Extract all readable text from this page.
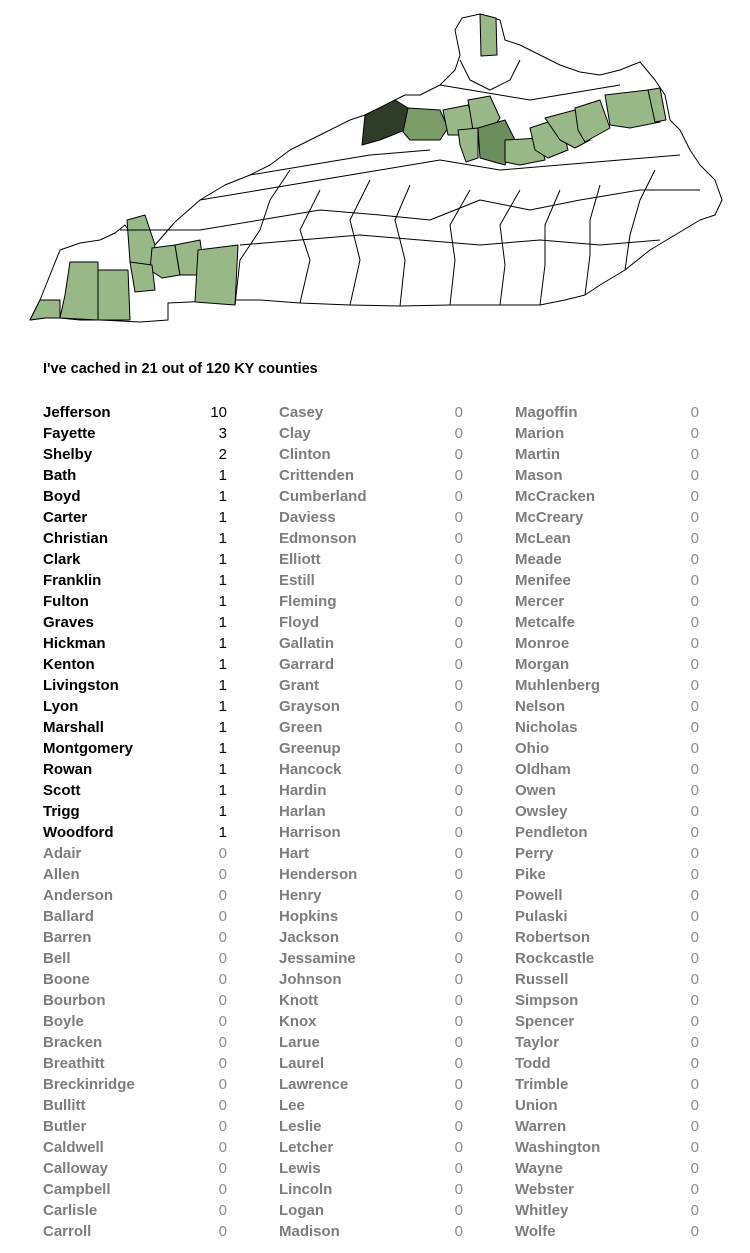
I've cached in 21 out of 120 KY counties
Jefferson	10
Fayette	3
Shelby	2
Bath	1
Boyd	1
Carter	1
Christian	1
Clark	1
Franklin	1
Fulton	1
Graves	1
Hickman	1
Kenton	1
Livingston	1
Lyon	1
Marshall	1
Montgomery	1
Rowan	1
Scott	1
Trigg	1
Woodford	1
Adair	0
Allen	0
Anderson	0
Ballard	0
Barren	0
Bell	0
Boone	0
Bourbon	0
Boyle	0
Bracken	0
Breathitt	0
Breckinridge	0
Bullitt	0
Butler	0
Caldwell	0
Calloway	0
Campbell	0
Carlisle	0
Carroll	0
Casey	0
Clay	0
Clinton	0
Crittenden	0
Cumberland	0
Daviess	0
Edmonson	0
Elliott	0
Estill	0
Fleming	0
Floyd	0
Gallatin	0
Garrard	0
Grant	0
Grayson	0
Green	0
Greenup	0
Hancock	0
Hardin	0
Harlan	0
Harrison	0
Hart	0
Henderson	0
Henry	0
Hopkins	0
Jackson	0
Jessamine	0
Johnson	0
Knott	0
Knox	0
Larue	0
Laurel	0
Lawrence	0
Lee	0
Leslie	0
Letcher	0
Lewis	0
Lincoln	0
Logan	0
Madison	0
Magoffin	0
Marion	0
Martin	0
Mason	0
McCracken	0
McCreary	0
McLean	0
Meade	0
Menifee	0
Mercer	0
Metcalfe	0
Monroe	0
Morgan	0
Muhlenberg	0
Nelson	0
Nicholas	0
Ohio	0
Oldham	0
Owen	0
Owsley	0
Pendleton	0
Perry	0
Pike	0
Powell	0
Pulaski	0
Robertson	0
Rockcastle	0
Russell	0
Simpson	0
Spencer	0
Taylor	0
Todd	0
Trimble	0
Union	0
Warren	0
Washington	0
Wayne	0
Webster	0
Whitley	0
Wolfe	0
